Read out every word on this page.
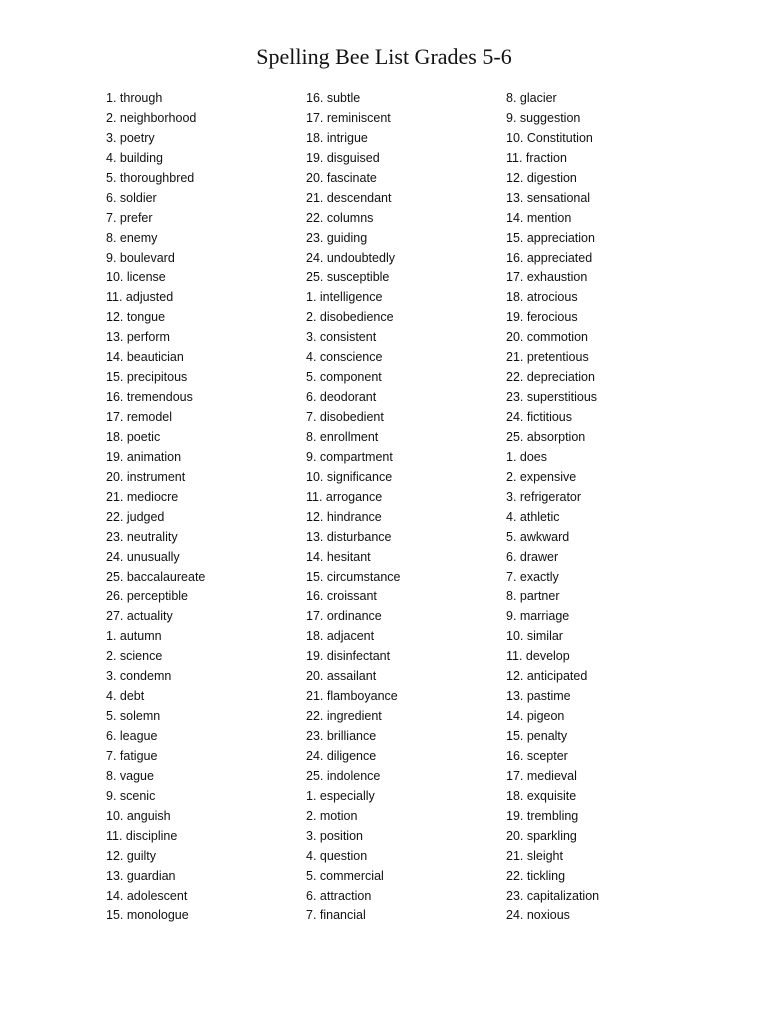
Spelling Bee List Grades 5-6
1. through
2. neighborhood
3. poetry
4. building
5. thoroughbred
6. soldier
7. prefer
8. enemy
9. boulevard
10. license
11. adjusted
12. tongue
13. perform
14. beautician
15. precipitous
16. tremendous
17. remodel
18. poetic
19. animation
20. instrument
21. mediocre
22. judged
23. neutrality
24. unusually
25. baccalaureate
26. perceptible
27. actuality
1. autumn
2. science
3. condemn
4. debt
5. solemn
6. league
7. fatigue
8. vague
9. scenic
10. anguish
11. discipline
12. guilty
13. guardian
14. adolescent
15. monologue
16. subtle
17. reminiscent
18. intrigue
19. disguised
20. fascinate
21. descendant
22. columns
23. guiding
24. undoubtedly
25. susceptible
1. intelligence
2. disobedience
3. consistent
4. conscience
5. component
6. deodorant
7. disobedient
8. enrollment
9. compartment
10. significance
11. arrogance
12. hindrance
13. disturbance
14. hesitant
15. circumstance
16. croissant
17. ordinance
18. adjacent
19. disinfectant
20. assailant
21. flamboyance
22. ingredient
23. brilliance
24. diligence
25. indolence
1. especially
2. motion
3. position
4. question
5. commercial
6. attraction
7. financial
8. glacier
9. suggestion
10. Constitution
11. fraction
12. digestion
13. sensational
14. mention
15. appreciation
16. appreciated
17. exhaustion
18. atrocious
19. ferocious
20. commotion
21. pretentious
22. depreciation
23. superstitious
24. fictitious
25. absorption
1. does
2. expensive
3. refrigerator
4. athletic
5. awkward
6. drawer
7. exactly
8. partner
9. marriage
10. similar
11. develop
12. anticipated
13. pastime
14. pigeon
15. penalty
16. scepter
17. medieval
18. exquisite
19. trembling
20. sparkling
21. sleight
22. tickling
23. capitalization
24. noxious
